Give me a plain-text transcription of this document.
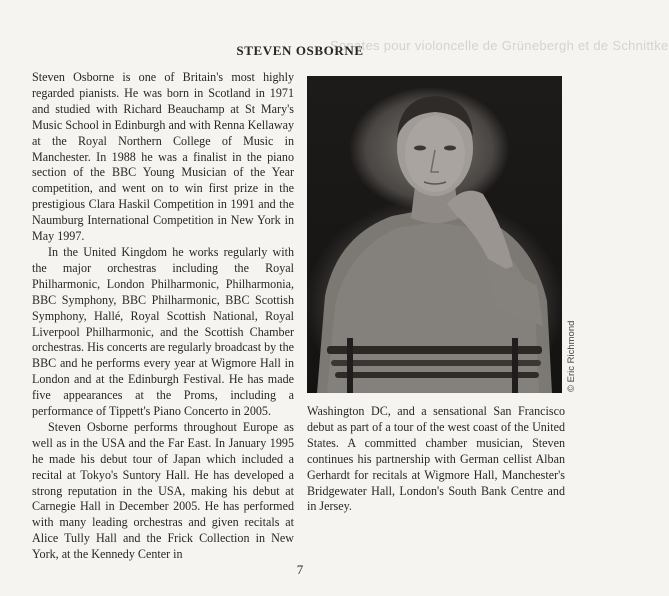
Sonates pour violoncelle de Grünebergh et de Schnittke
STEVEN OSBORNE

Steven Osborne is one of Britain's most highly regarded pianists. He was born in Scotland in 1971 and studied with Richard Beauchamp at St Mary's Music School in Edinburgh and with Renna Kellaway at the Royal Northern College of Music in Manchester. In 1988 he was a finalist in the piano section of the BBC Young Musician of the Year competition, and went on to win first prize in the prestigious Clara Haskil Competition in 1991 and the Naumburg International Competition in New York in May 1997.

In the United Kingdom he works regularly with the major orchestras including the Royal Philharmonic, London Philharmonic, Philharmonia, BBC Symphony, BBC Philharmonic, BBC Scottish Symphony, Hallé, Royal Scottish National, Royal Liverpool Philharmonic, and the Scottish Chamber orchestras. His concerts are regularly broadcast by the BBC and he performs every year at Wigmore Hall in London and at the Edinburgh Festival. He has made five appearances at the Proms, including a performance of Tippett's Piano Concerto in 2005.

Steven Osborne performs throughout Europe as well as in the USA and the Far East. In January 1995 he made his debut tour of Japan which included a recital at Tokyo's Suntory Hall. He has developed a strong reputation in the USA, making his debut at Carnegie Hall in December 2005. He has performed with many leading orchestras and given recitals at Alice Tully Hall and the Frick Collection in New York, at the Kennedy Center in

© Eric Richmond

Washington DC, and a sensational San Francisco debut as part of a tour of the west coast of the United States. A committed chamber musician, Steven continues his partnership with German cellist Alban Gerhardt for recitals at Wigmore Hall, Manchester's Bridgewater Hall, London's South Bank Centre and in Jersey.

7
